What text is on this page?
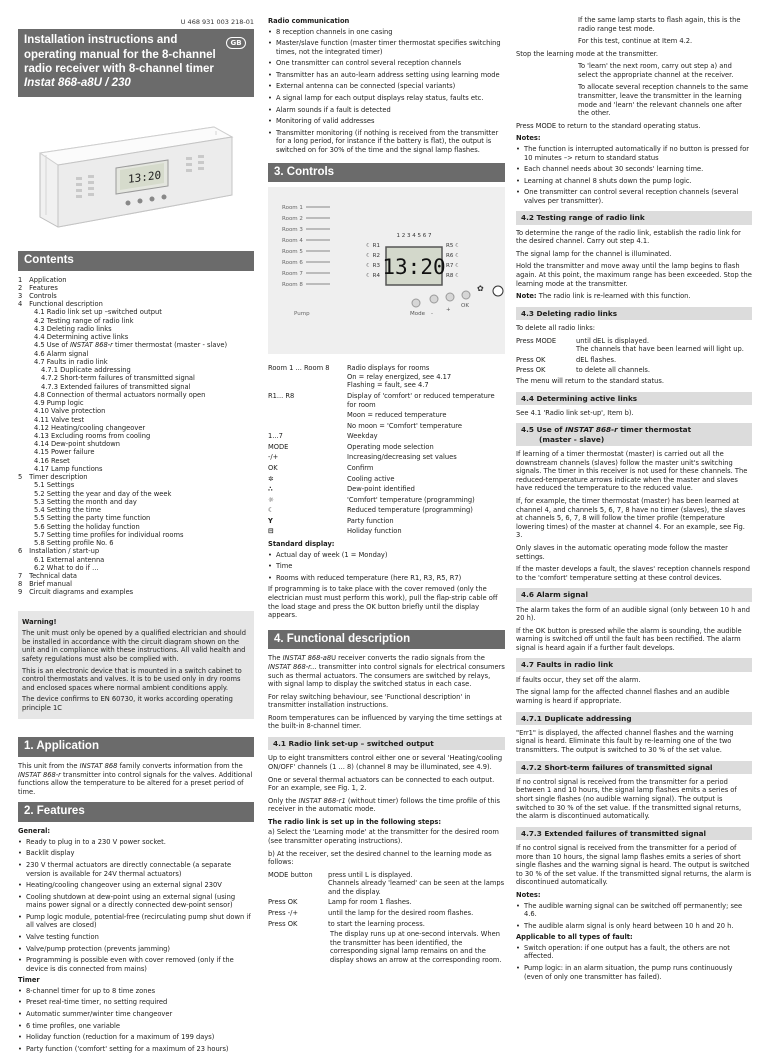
U 468 931 003 218-01
Installation instructions and operating manual for the 8-channel radio receiver with 8-channel timer
Instat 868-a8U / 230
GB
13:20
Contents
1 Application
2 Features
3 Controls
4 Functional description
4.1 Radio link set up –switched output
4.2 Testing range of radio link
4.3 Deleting radio links
4.4 Determining active links
4.5 Use of INSTAT 868-r timer thermostat (master - slave)
4.6 Alarm signal
4.7 Faults in radio link
4.7.1 Duplicate addressing
4.7.2 Short-term failures of transmitted signal
4.7.3 Extended failures of transmitted signal
4.8 Connection of thermal actuators normally open
4.9 Pump logic
4.10 Valve protection
4.11 Valve test
4.12 Heating/cooling changeover
4.13 Excluding rooms from cooling
4.14 Dew-point shutdown
4.15 Power failure
4.16 Reset
4.17 Lamp functions
5 Timer description
5.1 Settings
5.2 Setting the year and day of the week
5.3 Setting the month and day
5.4 Setting the time
5.5 Setting the party time function
5.6 Setting the holiday function
5.7 Setting time profiles for individual rooms
5.8 Setting profile No. 6
6 Installation / start-up
6.1 External antenna
6.2 What to do if ...
7 Technical data
8 Brief manual
9 Circuit diagrams and examples

Warning!

The unit must only be opened by a qualified electrician and should be installed in accordance with the circuit diagram shown on the unit and in compliance with these instructions. All valid health and safety regulations must also be complied with.

This is an electronic device that is mounted in a switch cabinet to control thermostats and valves. It is to be used only in dry rooms and enclosed spaces where normal ambient conditions apply.

The device confirms to EN 60730, it works according operating principle 1C

1. Application

This unit from the INSTAT 868 family converts information from the INSTAT 868-r transmitter into control signals for the valves. Additional functions allow the temperature to be altered for a preset period of time.

2. Features
General:
• Ready to plug in to a 230 V power socket.
• Backlit display
• 230 V thermal actuators are directly connectable (a separate version is available for 24V thermal actuators)
• Heating/cooling changeover using an external signal 230V
• Cooling shutdown at dew-point using an external signal (using mains power signal or a directly connected dew-point sensor)
• Pump logic module, potential-free (recirculating pump shut down if all valves are closed)
• Valve testing function
• Valve/pump protection (prevents jamming)
• Programming is possible even with cover removed (only if the device is dis connected from mains)
Timer
• 8-channel timer for up to 8 time zones
• Preset real-time timer, no setting required
• Automatic summer/winter time changeover
• 6 time profiles, one variable
• Holiday function (reduction for a maximum of 199 days)
• Party function ('comfort' setting for a maximum of 23 hours)
Radio communication
• 8 reception channels in one casing
• Master/slave function (master timer thermostat specifies switching times, not the integrated timer)
• One transmitter can control several reception channels
• Transmitter has an auto-learn address setting using learning mode
• External antenna can be connected (special variants)
• A signal lamp for each output displays relay status, faults etc.
• Alarm sounds if a fault is detected
• Monitoring of valid addresses
• Transmitter monitoring (if nothing is received from the transmitter for a long period, for instance if the battery is flat), the output is switched on for 30% of the time and the signal lamp flashes.
3. Controls
13:20
1 2 3 4 5 6 7
Room 1
Room 2
Room 3
Room 4
Room 5
Room 6
Room 7
Room 8
☾ R1
☾ R2
☾ R3
☾ R4
R5 ☾
R6 ☾
R7 ☾
R8 ☾
Pump	Mode -
+
OK
✿
Room 1 ... Room 8	Radio displays for rooms
On = relay energized, see 4.17
Flashing = fault, see 4.7
R1... R8	Display of 'comfort' or reduced temperature for room
Moon = reduced temperature
No moon = 'Comfort' temperature
1...7	Weekday
MODE	Operating mode selection
-/+	Increasing/decreasing set values
OK	Confirm
✲	Cooling active
∴	Dew-point identified
☼	'Comfort' temperature (programming)
☾	Reduced temperature (programming)
Y	Party function
⊟	Holiday function
Standard display:
• Actual day of week (1 = Monday)
• Time
• Rooms with reduced temperature (here R1, R3, R5, R7)

If programming is to take place with the cover removed (only the electrician must must perform this work), pull the flap-strip cable off the load stage and press the OK button briefly until the display appears.

4. Functional description

The INSTAT 868-a8U receiver converts the radio signals from the INSTAT 868-r... transmitter into control signals for electrical consumers such as thermal actuators. The consumers are switched by relays, with signal lamp to display the switched status in each case.

For relay switching behaviour, see 'Functional description' in transmitter installation instructions.

Room temperatures can be influenced by varying the time settings at the built-in 8-channel timer.

4.1 Radio link set-up – switched output

Up to eight transmitters control either one or several 'Heating/cooling ON/OFF' channels (1 ... 8) (channel 8 may be illuminated, see 4.9).

One or several thermal actuators can be connected to each output. For an example, see Fig. 1, 2.

Only the INSTAT 868-r1 (without timer) follows the time profile of this receiver in the automatic mode.

The radio link is set up in the following steps:

a) Select the 'Learning mode' at the transmitter for the desired room (see transmitter operating instructions).

b) At the receiver, set the desired channel to the learning mode as follows:

MODE button	press until L is displayed.
Channels already 'learned' can be seen at the lamps and the display.
Press OK	Lamp for room 1 flashes.
Press -/+	until the lamp for the desired room flashes.
Press OK	to start the learning process.

The display runs up at one-second intervals. When the transmitter has been identified, the corresponding signal lamp remains on and the display shows an arrow at the corresponding room.

If the same lamp starts to flash again, this is the radio range test mode.

For this test, continue at Item 4.2.

Stop the learning mode at the transmitter.

To 'learn' the next room, carry out step a) and select the appropriate channel at the receiver.

To allocate several reception channels to the same transmitter, leave the transmitter in the learning mode and 'learn' the relevant channels one after the other.

Press MODE to return to the standard operating status.

Notes:
• The function is interrupted automatically if no button is pressed for 10 minutes –> return to standard status
• Each channel needs about 30 seconds' learning time.
• Learning at channel 8 shuts down the pump logic.
• One transmitter can control several reception channels (several valves per transmitter).
4.2 Testing range of radio link

To determine the range of the radio link, establish the radio link for the desired channel. Carry out step 4.1.

The signal lamp for the channel is illuminated.

Hold the transmitter and move away until the lamp begins to flash again. At this point, the maximum range has been exceeded. Stop the learning mode at the transmitter.

Note: The radio link is re-learned with this function.

4.3 Deleting radio links

To delete all radio links:

Press MODE	until dEL is displayed.
The channels that have been learned will light up.
Press OK	dEL flashes.
Press OK	to delete all channels.

The menu will return to the standard status.

4.4 Determining active links

See 4.1 'Radio link set-up', Item b).

4.5 Use of INSTAT 868-r timer thermostat
(master - slave)

If learning of a timer thermostat (master) is carried out all the downstream channels (slaves) follow the master unit's switching signals. The timer in this receiver is not used for these channels. The reduced-temperature arrows indicate when the master and slaves have reduced the temperature to the reduced value.

If, for example, the timer thermostat (master) has been learned at channel 4, and channels 5, 6, 7, 8 have no timer (slaves), the slaves at channels 5, 6, 7, 8 will follow the timer profile (temperature lowering times) of the master at channel 4. For an example, see Fig. 3.

Only slaves in the automatic operating mode follow the master settings.

If the master develops a fault, the slaves' reception channels respond to the 'comfort' temperature setting at these control devices.

4.6 Alarm signal

The alarm takes the form of an audible signal (only between 10 h and 20 h).

If the OK button is pressed while the alarm is sounding, the audible warning is switched off until the fault has been rectified. The alarm signal is heard again if a further fault develops.

4.7 Faults in radio link

If faults occur, they set off the alarm.

The signal lamp for the affected channel flashes and an audible warning is heard if appropriate.

4.7.1 Duplicate addressing

"Err1" is displayed, the affected channel flashes and the warning signal is heard. Eliminate this fault by re-learning one of the two transmitters. The output is switched to 30 % of the set value.

4.7.2 Short-term failures of transmitted signal

If no control signal is received from the transmitter for a period between 1 and 10 hours, the signal lamp flashes emits a series of short single flashes (no audible warning signal). The output is switched to 30 % of the set value. If the transmitted signal returns, the alarm is discontinued automatically.

4.7.3 Extended failures of transmitted signal

If no control signal is received from the transmitter for a period of more than 10 hours, the signal lamp flashes emits a series of short single flashes and the warning signal is heard. The output is switched to 30 % of the set value. If the transmitted signal returns, the alarm is discontinued automatically.

Notes:
• The audible warning signal can be switched off permanently; see 4.6.
• The audible alarm signal is only heard between 10 h and 20 h.
Applicable to all types of fault:
• Switch operation: if one output has a fault, the others are not affected.
• Pump logic: in an alarm situation, the pump runs continuously (even of only one transmitter has failed).
